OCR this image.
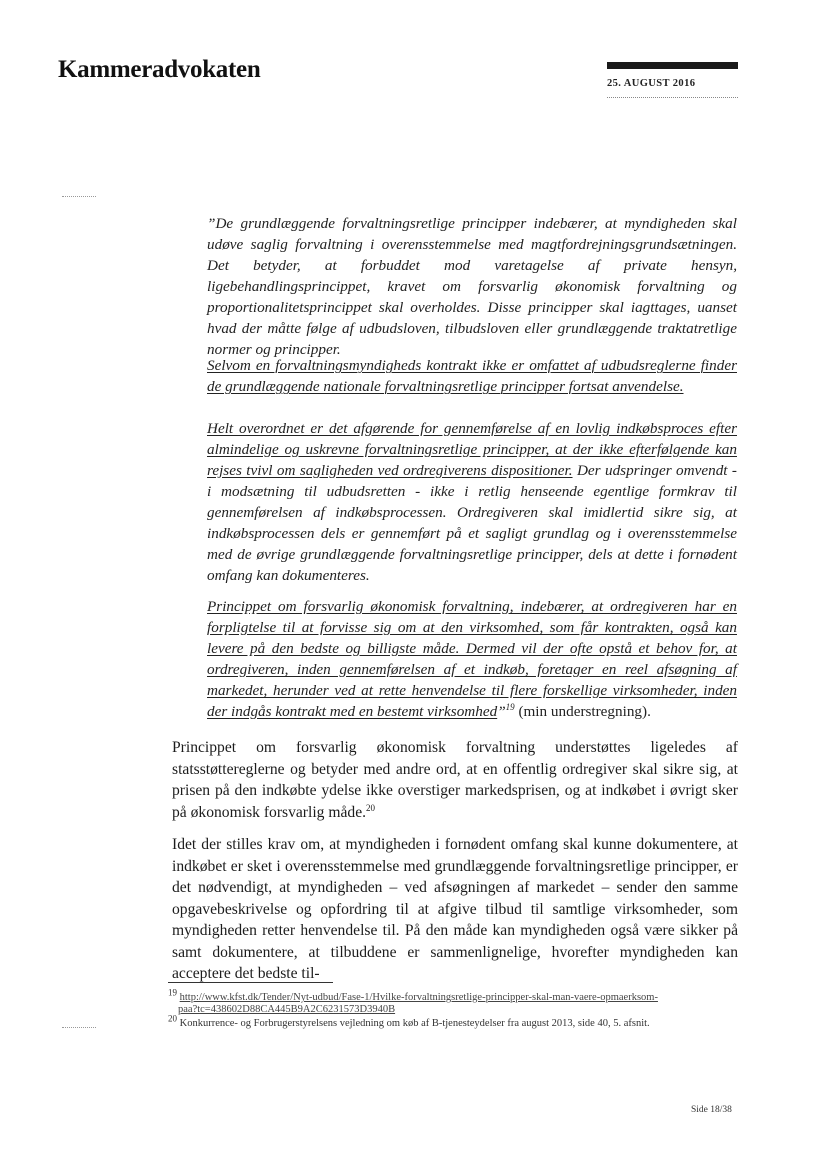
Kammeradvokaten
25. AUGUST 2016
”De grundlæggende forvaltningsretlige principper indebærer, at myndigheden skal udøve saglig forvaltning i overensstemmelse med magtfordrejningsgrundsætningen. Det betyder, at forbuddet mod varetagelse af private hensyn, ligebehandlingsprincippet, kravet om forsvarlig økonomisk forvaltning og proportionalitetsprincippet skal overholdes. Disse principper skal iagttages, uanset hvad der måtte følge af udbudsloven, tilbudsloven eller grundlæggende traktatretlige normer og principper.
Selvom en forvaltningsmyndigheds kontrakt ikke er omfattet af udbudsreglerne finder de grundlæggende nationale forvaltningsretlige principper fortsat anvendelse.
Helt overordnet er det afgørende for gennemførelse af en lovlig indkøbsproces efter almindelige og uskrevne forvaltningsretlige principper, at der ikke efterfølgende kan rejses tvivl om sagligheden ved ordregiverens dispositioner. Der udspringer omvendt - i modsætning til udbudsretten - ikke i retlig henseende egentlige formkrav til gennemførelsen af indkøbsprocessen. Ordregiveren skal imidlertid sikre sig, at indkøbsprocessen dels er gennemført på et sagligt grundlag og i overensstemmelse med de øvrige grundlæggende forvaltningsretlige principper, dels at dette i fornødent omfang kan dokumenteres.
Princippet om forsvarlig økonomisk forvaltning, indebærer, at ordregiveren har en forpligtelse til at forvisse sig om at den virksomhed, som får kontrakten, også kan levere på den bedste og billigste måde. Dermed vil der ofte opstå et behov for, at ordregiveren, inden gennemførelsen af et indkøb, foretager en reel afsøgning af markedet, herunder ved at rette henvendelse til flere forskellige virksomheder, inden der indgås kontrakt med en bestemt virksomhed”$^{19}$ (min understregning).
Princippet om forsvarlig økonomisk forvaltning understøttes ligeledes af statsstøttereglerne og betyder med andre ord, at en offentlig ordregiver skal sikre sig, at prisen på den indkøbte ydelse ikke overstiger markedsprisen, og at indkøbet i øvrigt sker på økonomisk forsvarlig måde.$^{20}$
Idet der stilles krav om, at myndigheden i fornødent omfang skal kunne dokumentere, at indkøbet er sket i overensstemmelse med grundlæggende forvaltningsretlige principper, er det nødvendigt, at myndigheden – ved afsøgningen af markedet – sender den samme opgavebeskrivelse og opfordring til at afgive tilbud til samtlige virksomheder, som myndigheden retter henvendelse til. På den måde kan myndigheden også være sikker på samt dokumentere, at tilbuddene er sammenlignelige, hvorefter myndigheden kan acceptere det bedste til-
$^{19}$ http://www.kfst.dk/Tender/Nyt-udbud/Fase-1/Hvilke-forvaltningsretlige-principper-skal-man-vaere-opmaerksom-
paa?tc=438602D88CA445B9A2C6231573D3940B
$^{20}$ Konkurrence- og Forbrugerstyrelsens vejledning om køb af B-tjenesteydelser fra august 2013, side 40, 5. afsnit.
Side 18/38
